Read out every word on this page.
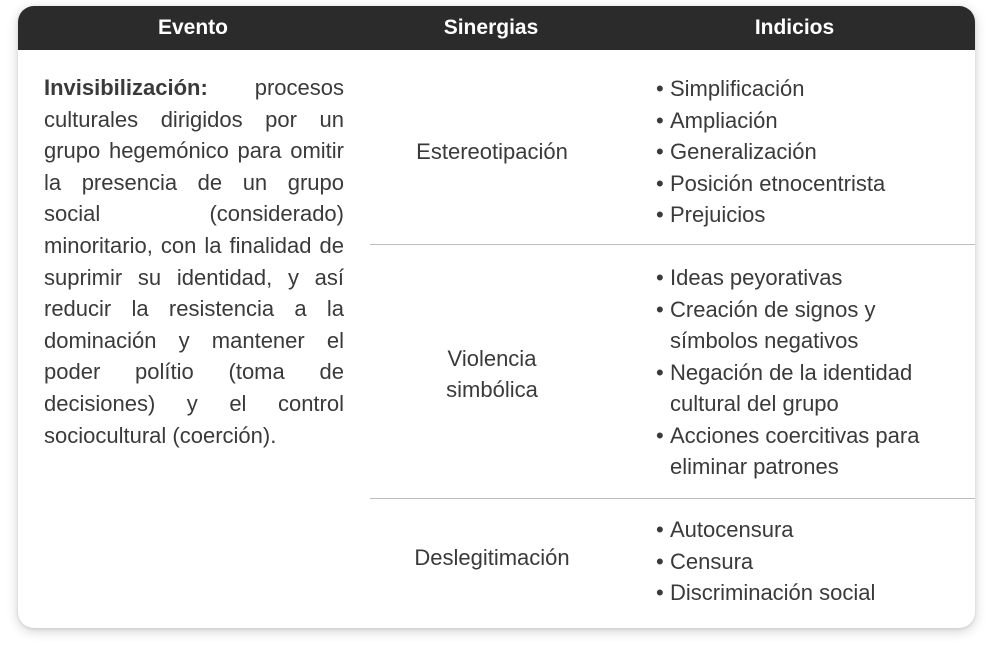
Evento	Sinergias	Indicios
Invisibilización: procesos culturales dirigidos por un grupo hegemónico para omitir la presencia de un grupo social (considerado) minoritario, con la finalidad de suprimir su identidad, y así reducir la resistencia a la dominación y mantener el poder polítio (toma de decisiones) y el control sociocultural (coerción).
Estereotipación
• Simplificación
• Ampliación
• Generalización
• Posición etnocentrista
• Prejuicios
Violencia
simbólica
• Ideas peyorativas
• Creación de signos y símbolos negativos
• Negación de la identidad cultural del grupo
• Acciones coercitivas para eliminar patrones
Deslegitimación
• Autocensura
• Censura
• Discriminación social
